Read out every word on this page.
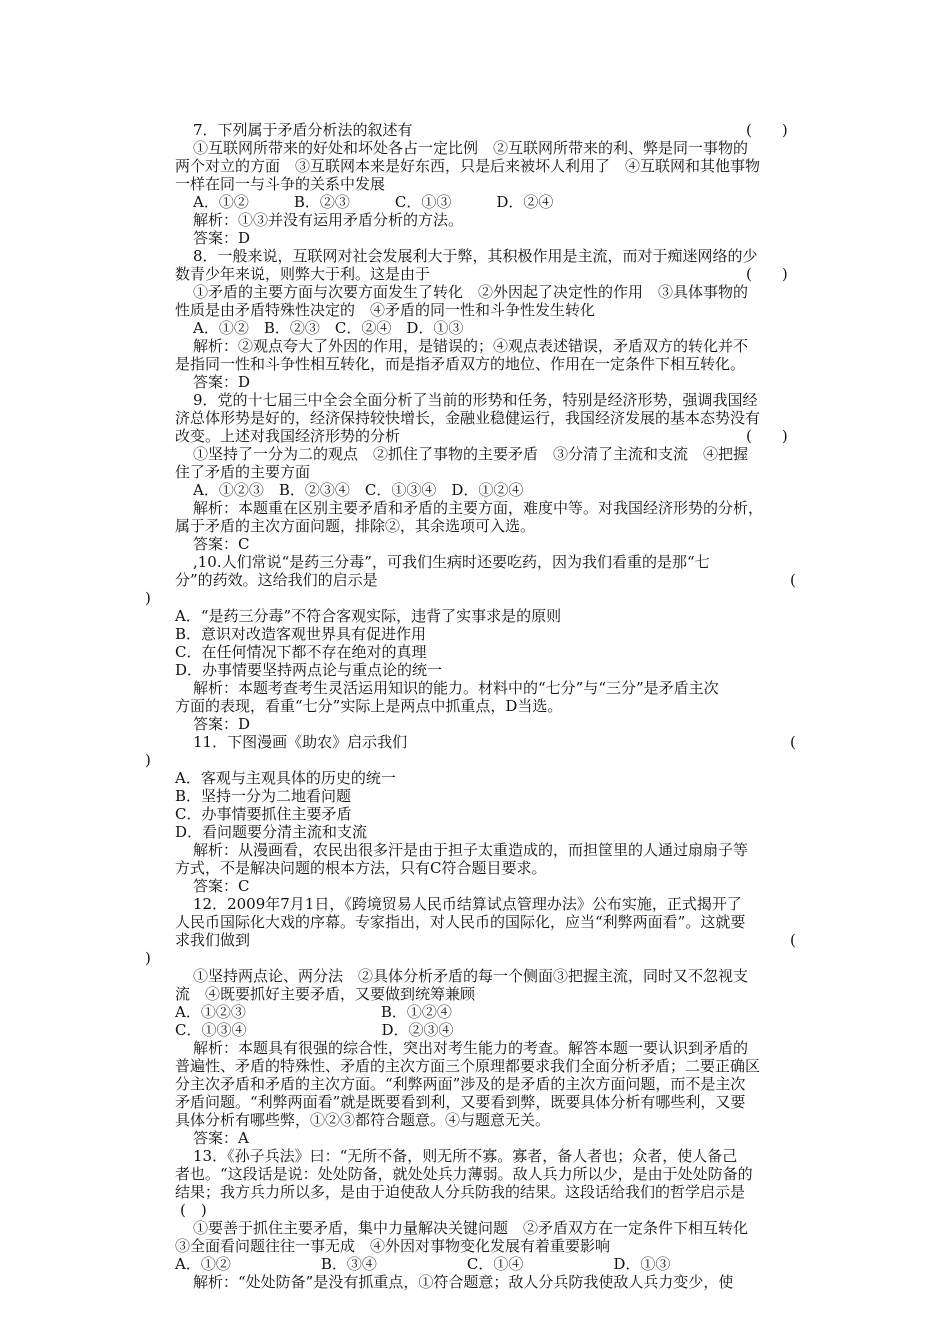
7．下列属于矛盾分析法的叙述有	(　　)
①互联网所带来的好处和坏处各占一定比例　②互联网所带来的利、弊是同一事物的
两个对立的方面　③互联网本来是好东西，只是后来被坏人利用了　④互联网和其他事物
一样在同一与斗争的关系中发展
A．①②　　　B．②③　　　C．①③　　　D．②④
解析：①③并没有运用矛盾分析的方法。
答案：D
8．一般来说，互联网对社会发展利大于弊，其积极作用是主流，而对于痴迷网络的少
数青少年来说，则弊大于利。这是由于	(　　)
①矛盾的主要方面与次要方面发生了转化　②外因起了决定性的作用　③具体事物的
性质是由矛盾特殊性决定的　④矛盾的同一性和斗争性发生转化
A．①②　B．②③　C．②④　D．①③
解析：②观点夸大了外因的作用，是错误的；④观点表述错误，矛盾双方的转化并不
是指同一性和斗争性相互转化，而是指矛盾双方的地位、作用在一定条件下相互转化。
答案：D
9．党的十七届三中全会全面分析了当前的形势和任务，特别是经济形势，强调我国经
济总体形势是好的，经济保持较快增长，金融业稳健运行，我国经济发展的基本态势没有
改变。上述对我国经济形势的分析	(　　)
①坚持了一分为二的观点　②抓住了事物的主要矛盾　③分清了主流和支流　④把握
住了矛盾的主要方面
A．①②③　B．②③④　C．①③④　D．①②④
解析：本题重在区别主要矛盾和矛盾的主要方面，难度中等。对我国经济形势的分析，
属于矛盾的主次方面问题，排除②，其余选项可入选。
答案：C
,10.人们常说“是药三分毒”，可我们生病时还要吃药，因为我们看重的是那“七
分”的药效。这给我们的启示是	(
)
A．“是药三分毒”不符合客观实际，违背了实事求是的原则
B．意识对改造客观世界具有促进作用
C．在任何情况下都不存在绝对的真理
D．办事情要坚持两点论与重点论的统一
解析：本题考查考生灵活运用知识的能力。材料中的“七分”与“三分”是矛盾主次
方面的表现，看重“七分”实际上是两点中抓重点，D当选。
答案：D
11．下图漫画《助农》启示我们	(
)
A．客观与主观具体的历史的统一
B．坚持一分为二地看问题
C．办事情要抓住主要矛盾
D．看问题要分清主流和支流
解析：从漫画看，农民出很多汗是由于担子太重造成的，而担筐里的人通过扇扇子等
方式，不是解决问题的根本方法，只有C符合题目要求。
答案：C
12．2009年7月1日，《跨境贸易人民币结算试点管理办法》公布实施，正式揭开了
人民币国际化大戏的序幕。专家指出，对人民币的国际化，应当“利弊两面看”。这就要
求我们做到	(
)
①坚持两点论、两分法　②具体分析矛盾的每一个侧面③把握主流，同时又不忽视支
流　④既要抓好主要矛盾，又要做到统筹兼顾
A．①②③　　　　　　　　　B．①②④
C．①③④　　　　　　　　　D．②③④
解析：本题具有很强的综合性，突出对考生能力的考查。解答本题一要认识到矛盾的
普遍性、矛盾的特殊性、矛盾的主次方面三个原理都要求我们全面分析矛盾；二要正确区
分主次矛盾和矛盾的主次方面。“利弊两面”涉及的是矛盾的主次方面问题，而不是主次
矛盾问题。“利弊两面看”就是既要看到利，又要看到弊，既要具体分析有哪些利，又要
具体分析有哪些弊，①②③都符合题意。④与题意无关。
答案：A
13．《孙子兵法》曰：“无所不备，则无所不寡。寡者，备人者也；众者，使人备己
者也。“这段话是说：处处防备，就处处兵力薄弱。敌人兵力所以少，是由于处处防备的
结果；我方兵力所以多，是由于迫使敌人分兵防我的结果。这段话给我们的哲学启示是
(　)
①要善于抓住主要矛盾，集中力量解决关键问题　②矛盾双方在一定条件下相互转化
③全面看问题往往一事无成　④外因对事物变化发展有着重要影响
A．①②　　　　　　B．③④　　　　　　C．①④　　　　　　D．①③
解析：“处处防备”是没有抓重点，①符合题意；敌人分兵防我使敌人兵力变少，使
